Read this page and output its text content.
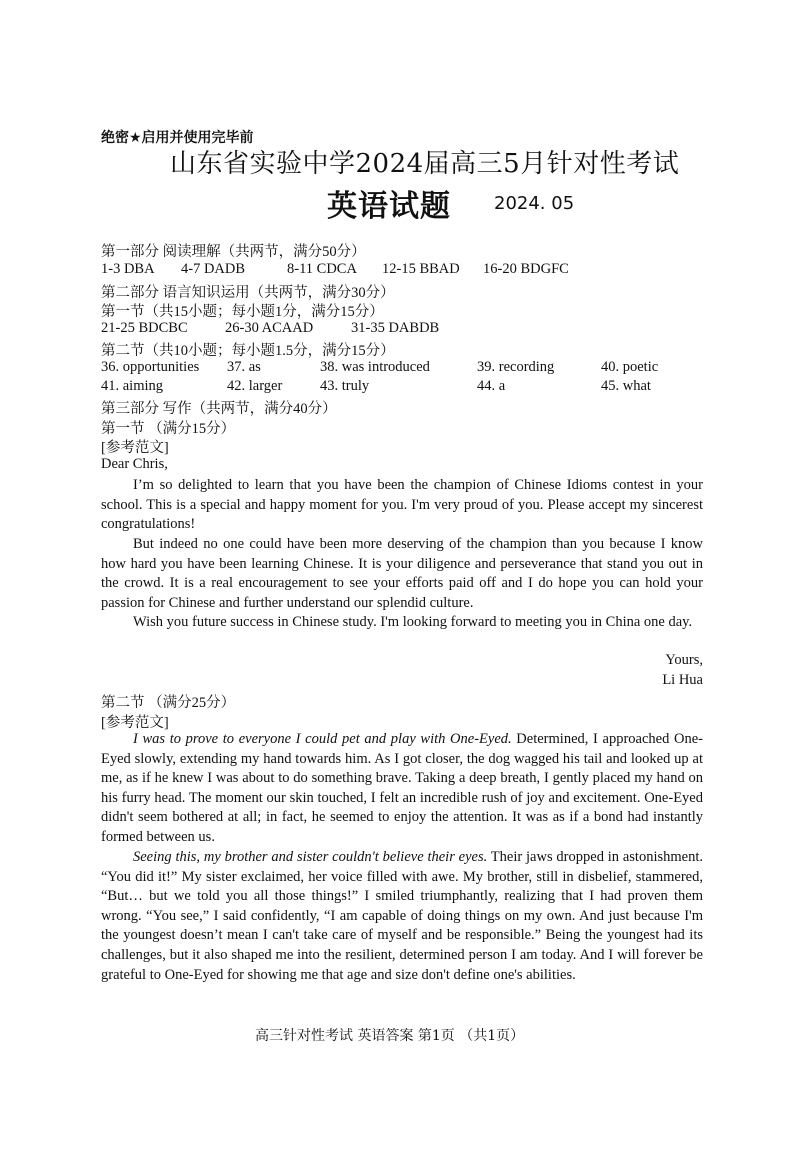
绝密★启用并使用完毕前
山东省实验中学2024届高三5月针对性考试
英语试题 2024. 05
第一部分 阅读理解（共两节，满分50分）
1-3 DBA 4-7 DADB	8-11 CDCA 12-15 BBAD 16-20 BDGFC
第二部分 语言知识运用（共两节，满分30分）
第一节（共15小题；每小题1分，满分15分）
21-25 BDCBC	26-30 ACAAD	31-35 DABDB
第二节（共10小题；每小题1.5分，满分15分）
36. opportunities 37. as	38. was introduced	39. recording	40. poetic
41. aiming	42. larger	43. truly	44. a	45. what
第三部分 写作（共两节，满分40分）
第一节 （满分15分）
[参考范文]
Dear Chris,

I’m so delighted to learn that you have been the champion of Chinese Idioms contest in your school. This is a special and happy moment for you. I'm very proud of you. Please accept my sincerest congratulations!

But indeed no one could have been more deserving of the champion than you because I know how hard you have been learning Chinese. It is your diligence and perseverance that stand you out in the crowd. It is a real encouragement to see your efforts paid off and I do hope you can hold your passion for Chinese and further understand our splendid culture.

Wish you future success in Chinese study. I'm looking forward to meeting you in China one day.

Yours,
Li Hua
第二节 （满分25分）
[参考范文]

I was to prove to everyone I could pet and play with One-Eyed. Determined, I approached One-Eyed slowly, extending my hand towards him. As I got closer, the dog wagged his tail and looked up at me, as if he knew I was about to do something brave. Taking a deep breath, I gently placed my hand on his furry head. The moment our skin touched, I felt an incredible rush of joy and excitement. One-Eyed didn't seem bothered at all; in fact, he seemed to enjoy the attention. It was as if a bond had instantly formed between us.

Seeing this, my brother and sister couldn't believe their eyes. Their jaws dropped in astonishment. “You did it!” My sister exclaimed, her voice filled with awe. My brother, still in disbelief, stammered, “But… but we told you all those things!” I smiled triumphantly, realizing that I had proven them wrong. “You see,” I said confidently, “I am capable of doing things on my own. And just because I'm the youngest doesn’t mean I can't take care of myself and be responsible.” Being the youngest had its challenges, but it also shaped me into the resilient, determined person I am today. And I will forever be grateful to One-Eyed for showing me that age and size don't define one's abilities.

高三针对性考试 英语答案 第1页 （共1页）
